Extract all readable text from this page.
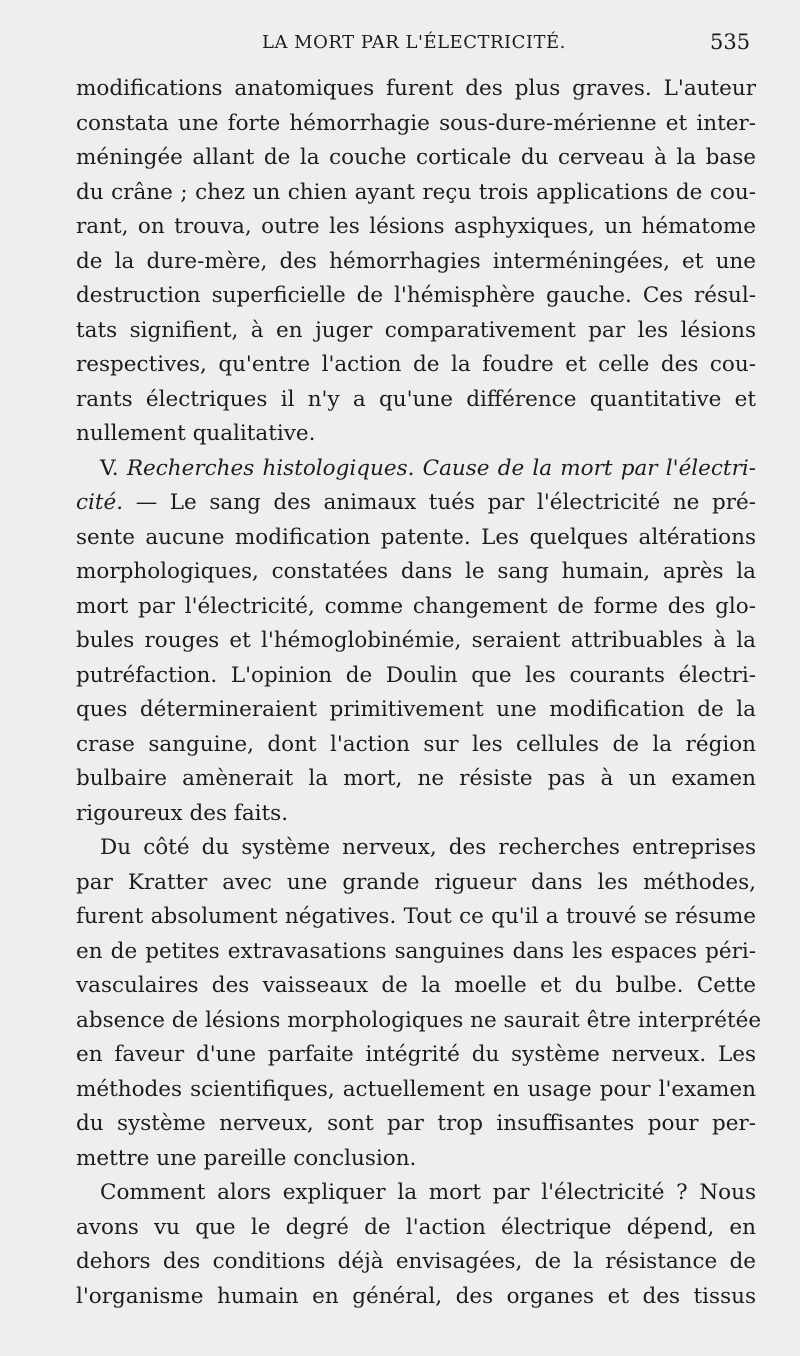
LA MORT PAR L'ÉLECTRICITÉ.	535
modifications anatomiques furent des plus graves. L'auteur
constata une forte hémorrhagie sous-dure-mérienne et inter-
méningée allant de la couche corticale du cerveau à la base
du crâne ; chez un chien ayant reçu trois applications de cou-
rant, on trouva, outre les lésions asphyxiques, un hématome
de la dure-mère, des hémorrhagies interméningées, et une
destruction superficielle de l'hémisphère gauche. Ces résul-
tats signifient, à en juger comparativement par les lésions
respectives, qu'entre l'action de la foudre et celle des cou-
rants électriques il n'y a qu'une différence quantitative et
nullement qualitative.
V. Recherches histologiques. Cause de la mort par l'électri-
cité. — Le sang des animaux tués par l'électricité ne pré-
sente aucune modification patente. Les quelques altérations
morphologiques, constatées dans le sang humain, après la
mort par l'électricité, comme changement de forme des glo-
bules rouges et l'hémoglobinémie, seraient attribuables à la
putréfaction. L'opinion de Doulin que les courants électri-
ques détermineraient primitivement une modification de la
crase sanguine, dont l'action sur les cellules de la région
bulbaire amènerait la mort, ne résiste pas à un examen
rigoureux des faits.
Du côté du système nerveux, des recherches entreprises
par Kratter avec une grande rigueur dans les méthodes,
furent absolument négatives. Tout ce qu'il a trouvé se résume
en de petites extravasations sanguines dans les espaces péri-
vasculaires des vaisseaux de la moelle et du bulbe. Cette
absence de lésions morphologiques ne saurait être interprétée
en faveur d'une parfaite intégrité du système nerveux. Les
méthodes scientifiques, actuellement en usage pour l'examen
du système nerveux, sont par trop insuffisantes pour per-
mettre une pareille conclusion.
Comment alors expliquer la mort par l'électricité ? Nous
avons vu que le degré de l'action électrique dépend, en
dehors des conditions déjà envisagées, de la résistance de
l'organisme humain en général, des organes et des tissus
